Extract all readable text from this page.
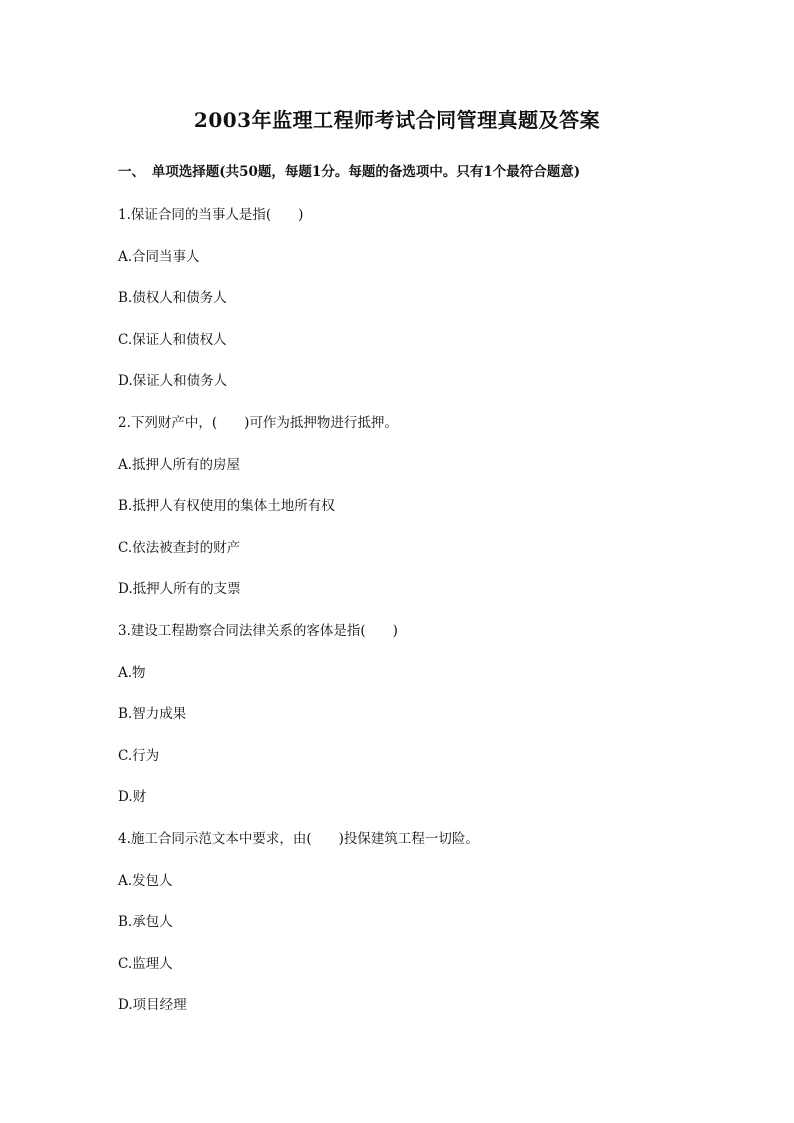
2003年监理工程师考试合同管理真题及答案
一、　单项选择题(共50题，每题1分。每题的备选项中。只有1个最符合题意)
1.保证合同的当事人是指(　　)
A.合同当事人
B.债权人和债务人
C.保证人和债权人
D.保证人和债务人
2.下列财产中，(　　)可作为抵押物进行抵押。
A.抵押人所有的房屋
B.抵押人有权使用的集体土地所有权
C.依法被查封的财产
D.抵押人所有的支票
3.建设工程勘察合同法律关系的客体是指(　　)
A.物
B.智力成果
C.行为
D.财
4.施工合同示范文本中要求，由(　　)投保建筑工程一切险。
A.发包人
B.承包人
C.监理人
D.项目经理
